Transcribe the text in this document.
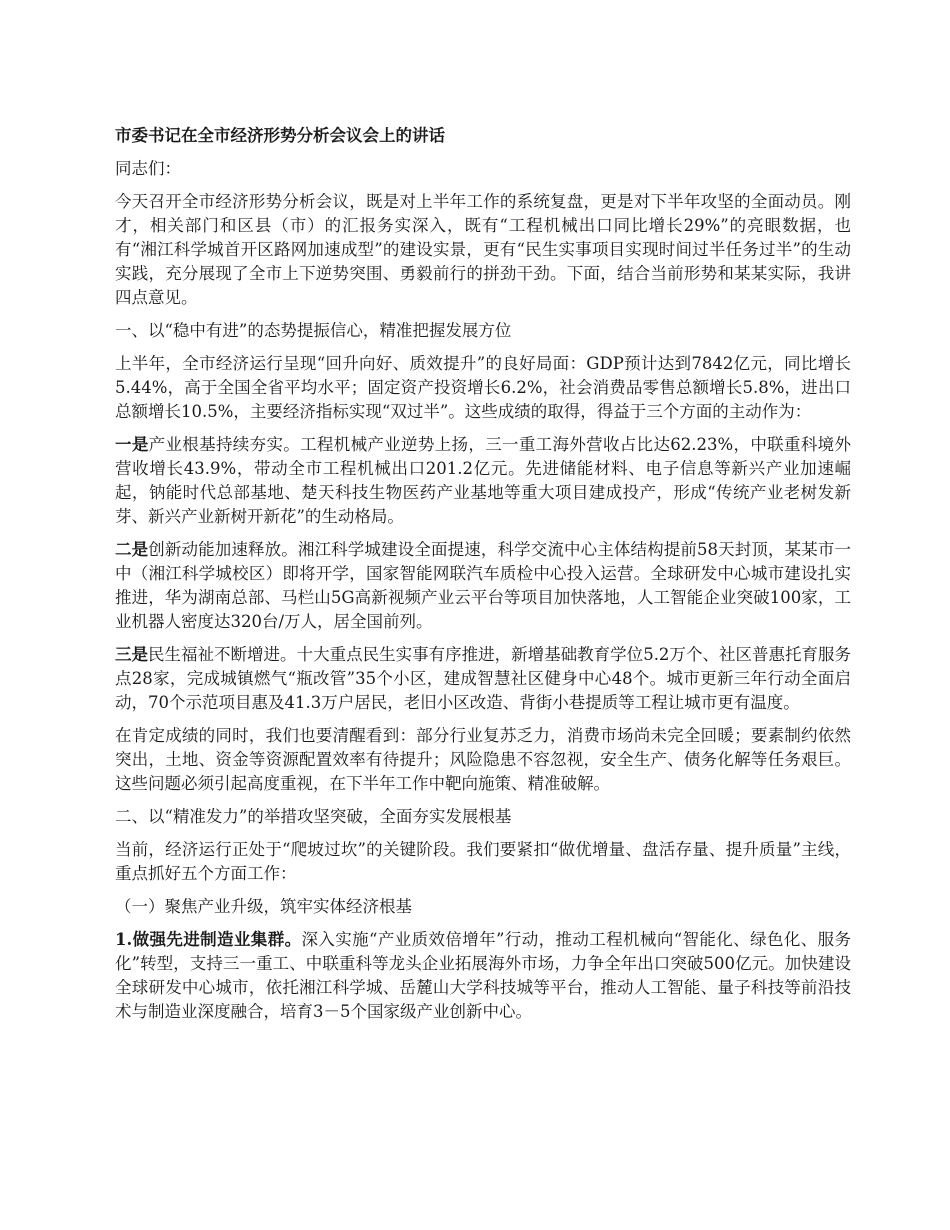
市委书记在全市经济形势分析会议会上的讲话
同志们：
今天召开全市经济形势分析会议，既是对上半年工作的系统复盘，更是对下半年攻坚的全面动员。刚才，相关部门和区县（市）的汇报务实深入，既有“工程机械出口同比增长29%”的亮眼数据，也有“湘江科学城首开区路网加速成型”的建设实景，更有“民生实事项目实现时间过半任务过半”的生动实践，充分展现了全市上下逆势突围、勇毅前行的拼劲干劲。下面，结合当前形势和某某实际，我讲四点意见。
一、以“稳中有进”的态势提振信心，精准把握发展方位
上半年，全市经济运行呈现“回升向好、质效提升”的良好局面：GDP预计达到7842亿元，同比增长5.44%，高于全国全省平均水平；固定资产投资增长6.2%，社会消费品零售总额增长5.8%，进出口总额增长10.5%，主要经济指标实现“双过半”。这些成绩的取得，得益于三个方面的主动作为：
一是产业根基持续夯实。工程机械产业逆势上扬，三一重工海外营收占比达62.23%，中联重科境外营收增长43.9%，带动全市工程机械出口201.2亿元。先进储能材料、电子信息等新兴产业加速崛起，钠能时代总部基地、楚天科技生物医药产业基地等重大项目建成投产，形成“传统产业老树发新芽、新兴产业新树开新花”的生动格局。
二是创新动能加速释放。湘江科学城建设全面提速，科学交流中心主体结构提前58天封顶，某某市一中（湘江科学城校区）即将开学，国家智能网联汽车质检中心投入运营。全球研发中心城市建设扎实推进，华为湖南总部、马栏山5G高新视频产业云平台等项目加快落地，人工智能企业突破100家，工业机器人密度达320台/万人，居全国前列。
三是民生福祉不断增进。十大重点民生实事有序推进，新增基础教育学位5.2万个、社区普惠托育服务点28家，完成城镇燃气“瓶改管”35个小区，建成智慧社区健身中心48个。城市更新三年行动全面启动，70个示范项目惠及41.3万户居民，老旧小区改造、背街小巷提质等工程让城市更有温度。
在肯定成绩的同时，我们也要清醒看到：部分行业复苏乏力，消费市场尚未完全回暖；要素制约依然突出，土地、资金等资源配置效率有待提升；风险隐患不容忽视，安全生产、债务化解等任务艰巨。这些问题必须引起高度重视，在下半年工作中靶向施策、精准破解。
二、以“精准发力”的举措攻坚突破，全面夯实发展根基
当前，经济运行正处于“爬坡过坎”的关键阶段。我们要紧扣“做优增量、盘活存量、提升质量”主线，重点抓好五个方面工作：
（一）聚焦产业升级，筑牢实体经济根基
1.做强先进制造业集群。深入实施“产业质效倍增年”行动，推动工程机械向“智能化、绿色化、服务化”转型，支持三一重工、中联重科等龙头企业拓展海外市场，力争全年出口突破500亿元。加快建设全球研发中心城市，依托湘江科学城、岳麓山大学科技城等平台，推动人工智能、量子科技等前沿技术与制造业深度融合，培育3－5个国家级产业创新中心。
